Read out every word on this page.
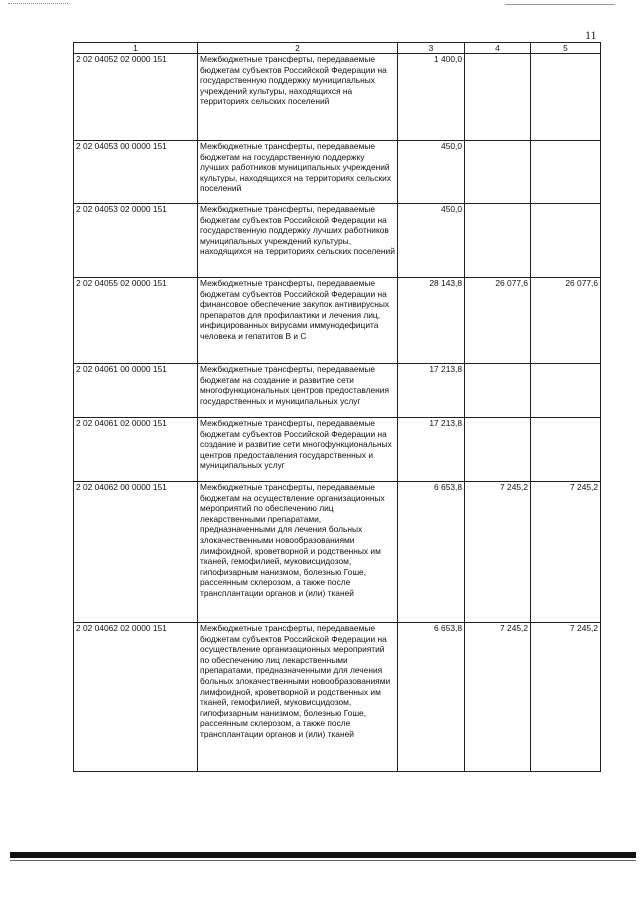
11
1	2	3	4	5
2 02 04052 02 0000 151	Межбюджетные трансферты, передаваемые бюджетам субъектов Российской Федерации на государственную поддержку муниципальных учреждений культуры, находящихся на территориях сельских поселений	1 400,0		
2 02 04053 00 0000 151	Межбюджетные трансферты, передаваемые бюджетам на государственную поддержку лучших работников муниципальных учреждений культуры, находящихся на территориях сельских поселений	450,0		
2 02 04053 02 0000 151	Межбюджетные трансферты, передаваемые бюджетам субъектов Российской Федерации на государственную поддержку лучших работников муниципальных учреждений культуры, находящихся на территориях сельских поселений	450,0		
2 02 04055 02 0000 151	Межбюджетные трансферты, передаваемые бюджетам субъектов Российской Федерации на финансовое обеспечение закупок антивирусных препаратов для профилактики и лечения лиц, инфицированных вирусами иммунодефицита человека и гепатитов В и С	28 143,8	26 077,6	26 077,6
2 02 04061 00 0000 151	Межбюджетные трансферты, передаваемые бюджетам на создание и развитие сети многофункциональных центров предоставления государственных и муниципальных услуг	17 213,8		
2 02 04061 02 0000 151	Межбюджетные трансферты, передаваемые бюджетам субъектов Российской Федерации на создание и развитие сети многофункциональных центров предоставления государственных и муниципальных услуг	17 213,8		
2 02 04062 00 0000 151	Межбюджетные трансферты, передаваемые бюджетам на осуществление организационных мероприятий по обеспечению лиц лекарственными препаратами, предназначенными для лечения больных злокачественными новообразованиями лимфоидной, кроветворной и родственных им тканей, гемофилией, муковисцидозом, гипофизарным нанизмом, болезнью Гоше, рассеянным склерозом, а также после трансплантации органов и (или) тканей	6 653,8	7 245,2	7 245,2
2 02 04062 02 0000 151	Межбюджетные трансферты, передаваемые бюджетам субъектов Российской Федерации на осуществление организационных мероприятий по обеспечению лиц лекарственными препаратами, предназначенными для лечения больных злокачественными новообразованиями лимфоидной, кроветворной и родственных им тканей, гемофилией, муковисцидозом, гипофизарным нанизмом, болезнью Гоше, рассеянным склерозом, а также после трансплантации органов и (или) тканей	6 653,8	7 245,2	7 245,2
